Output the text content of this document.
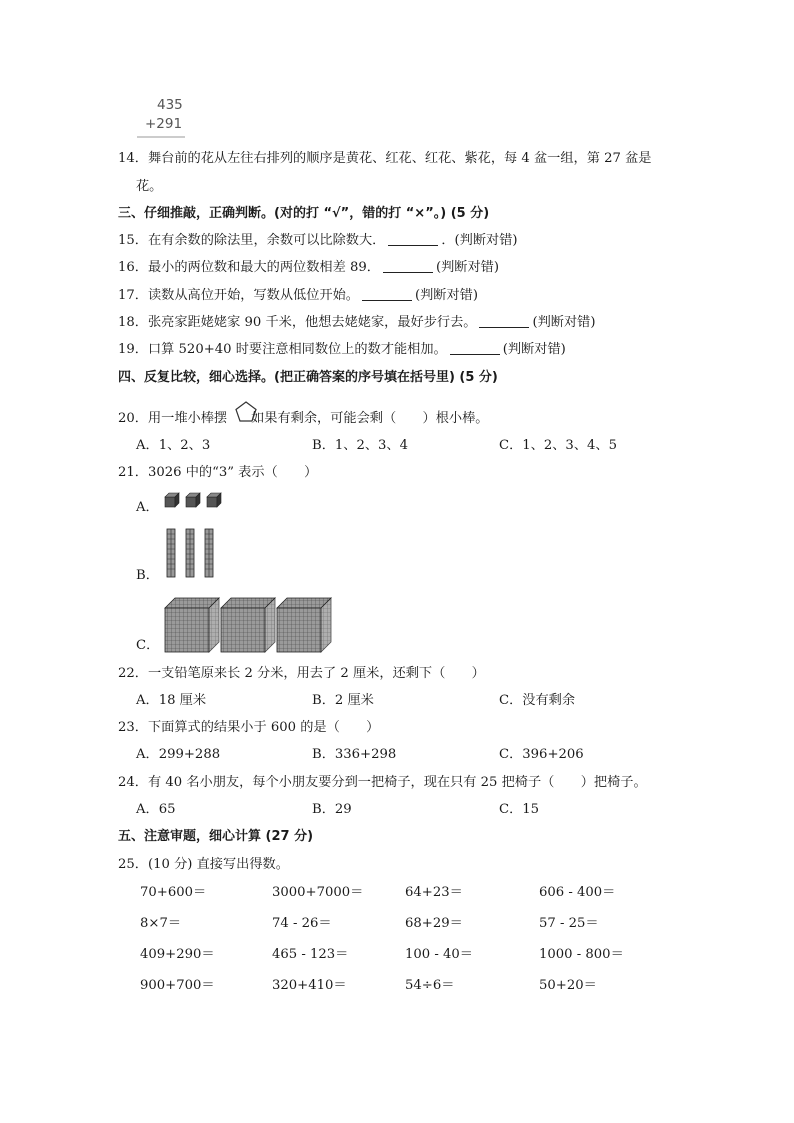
435
+291
14．舞台前的花从左往右排列的顺序是黄花、红花、红花、紫花，每 4 盆一组，第 27 盆是
花。
三、仔细推敲，正确判断。(对的打 “√”，错的打 “×”。) (5 分)
15．在有余数的除法里，余数可以比除数大．	．(判断对错)
16．最小的两位数和最大的两位数相差 89．	(判断对错)
17．读数从高位开始，写数从低位开始。	(判断对错)
18．张亮家距姥姥家 90 千米，他想去姥姥家，最好步行去。	(判断对错)
19．口算 520+40 时要注意相同数位上的数才能相加。	(判断对错)
四、反复比较，细心选择。(把正确答案的序号填在括号里) (5 分)
20．用一堆小棒摆 如果有剩余，可能会剩（　　）根小棒。
A．1、2、3	B．1、2、3、4	C．1、2、3、4、5
21．3026 中的“3” 表示（　　）
A．
B．
C．
22．一支铅笔原来长 2 分米，用去了 2 厘米，还剩下（　　）
A．18 厘米	B．2 厘米	C．没有剩余
23．下面算式的结果小于 600 的是（　　）
A．299+288	B．336+298	C．396+206
24．有 40 名小朋友，每个小朋友要分到一把椅子，现在只有 25 把椅子（　　）把椅子。
A．65	B．29	C．15
五、注意审题，细心计算 (27 分)
25．(10 分) 直接写出得数。
70+600＝	3000+7000＝	64+23＝	606 - 400＝
8×7＝	74 - 26＝	68+29＝	57 - 25＝
409+290＝	465 - 123＝	100 - 40＝	1000 - 800＝
900+700＝	320+410＝	54÷6＝	50+20＝
